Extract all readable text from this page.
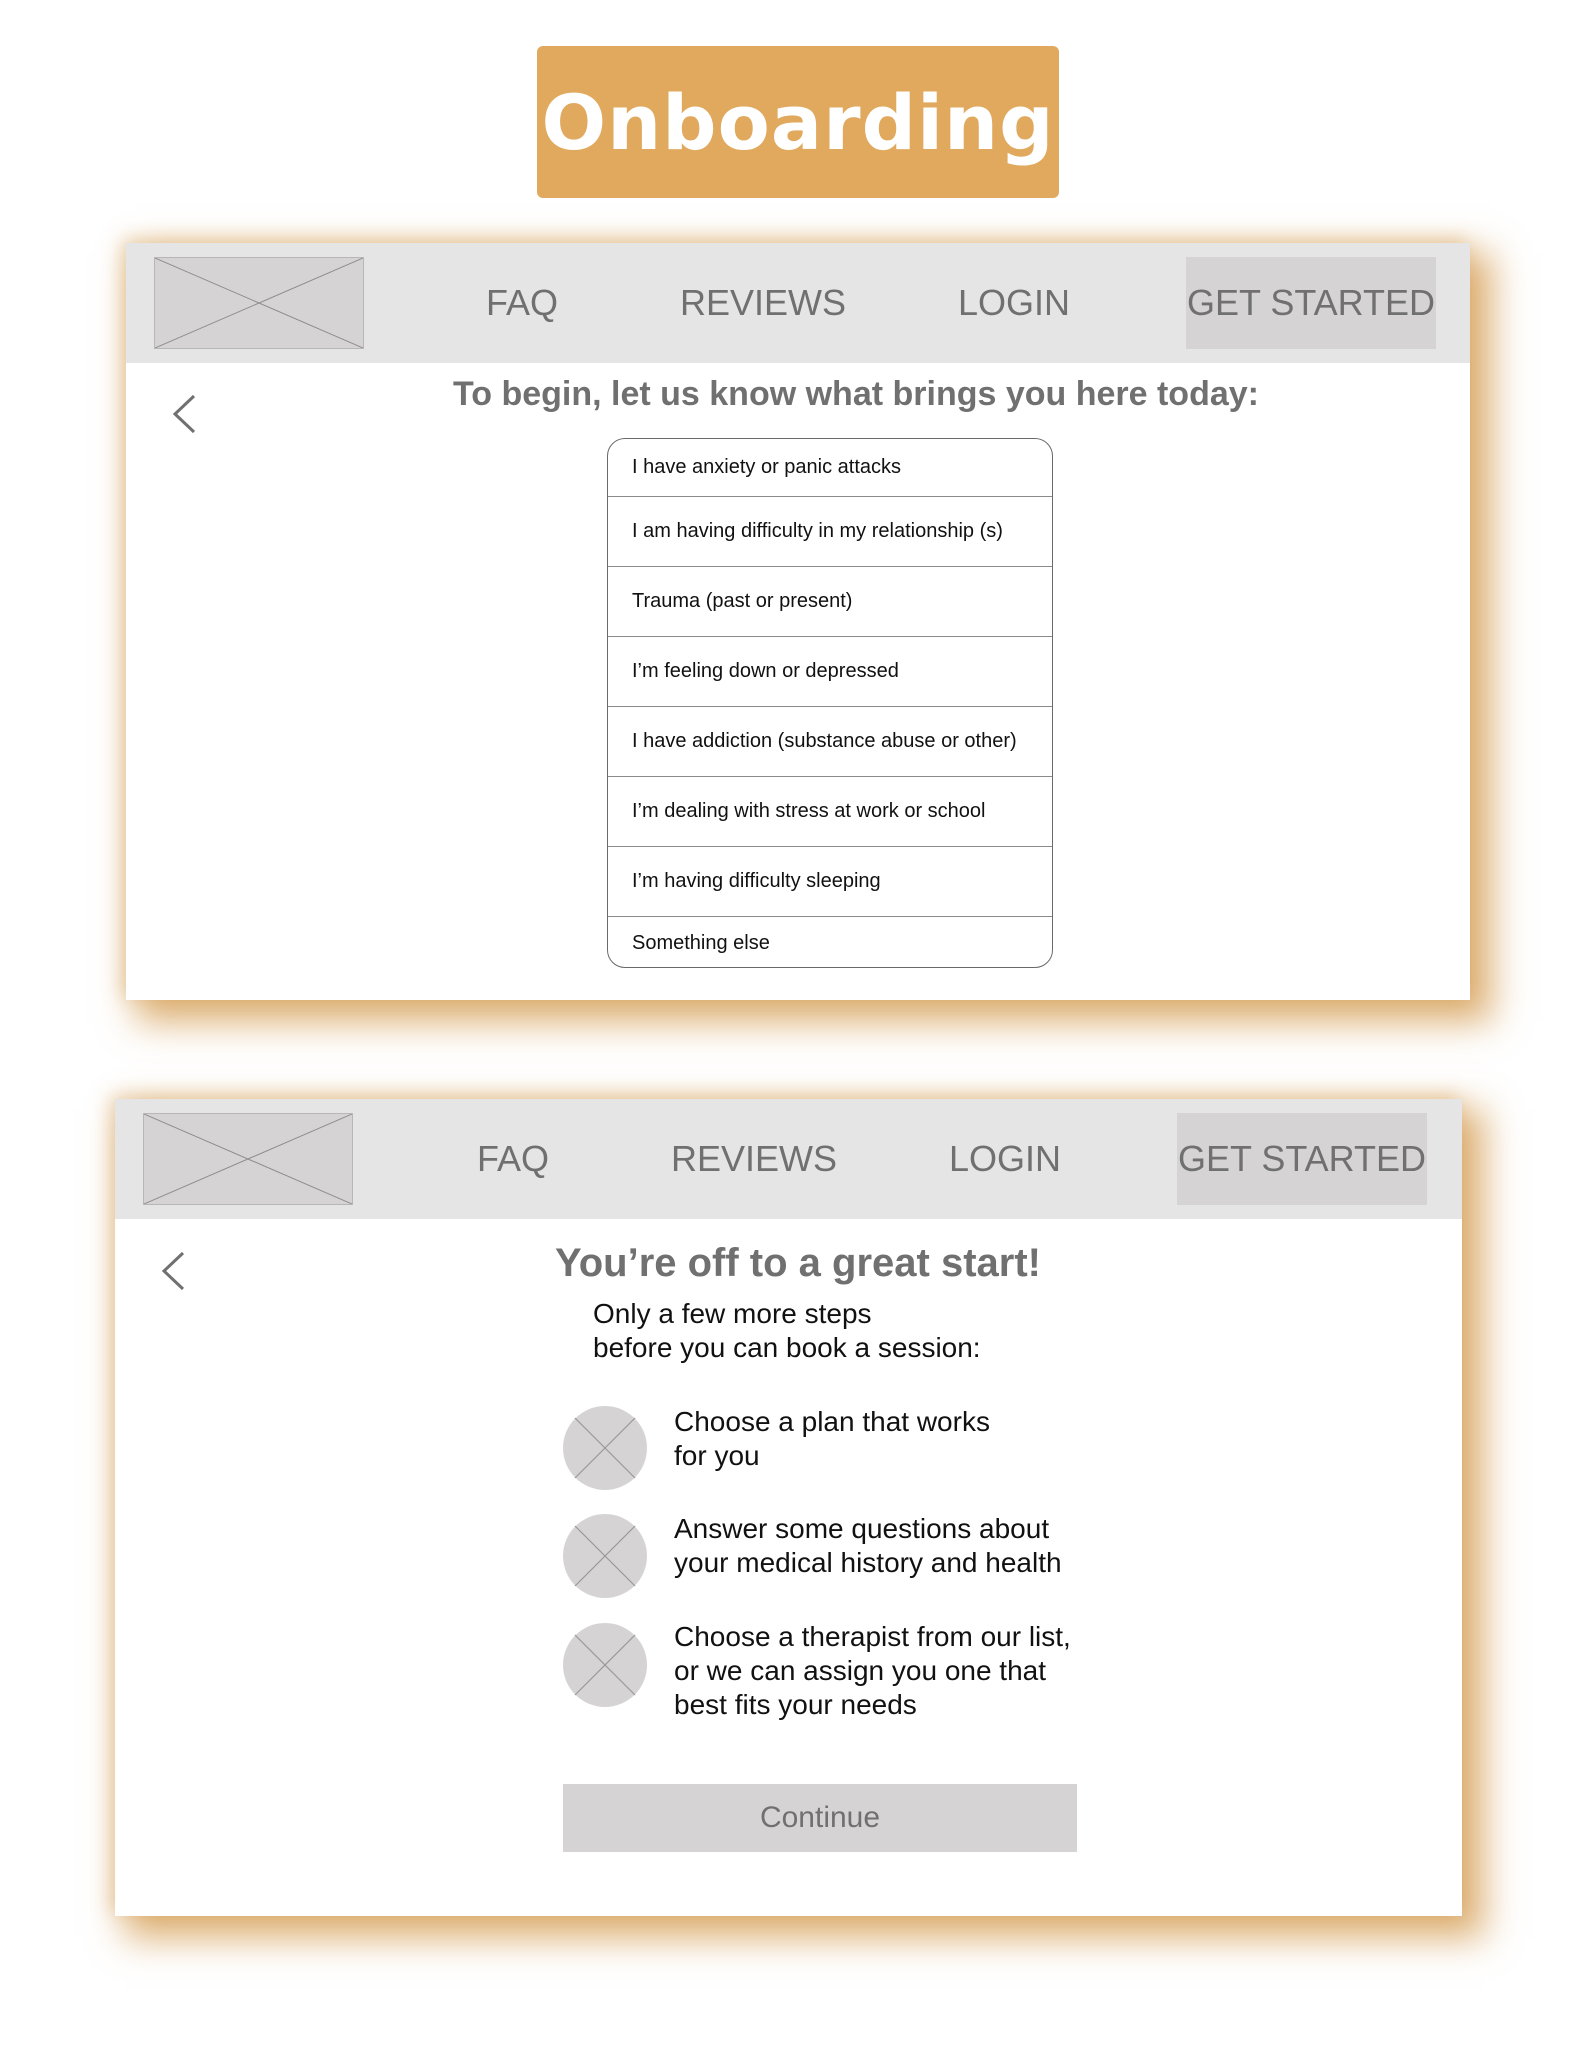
Onboarding
FAQ	REVIEWS	LOGIN	GET STARTED
To begin, let us know what brings you here today:
I have anxiety or panic attacks
I am having difficulty in my relationship (s)
Trauma (past or present)
I’m feeling down or depressed
I have addiction (substance abuse or other)
I’m dealing with stress at work or school
I’m having difficulty sleeping
Something else
FAQ	REVIEWS	LOGIN	GET STARTED
You’re off to a great start!
Only a few more steps
before you can book a session:
Choose a plan that works
for you
Answer some questions about
your medical history and health
Choose a therapist from our list,
or we can assign you one that
best fits your needs
Continue
